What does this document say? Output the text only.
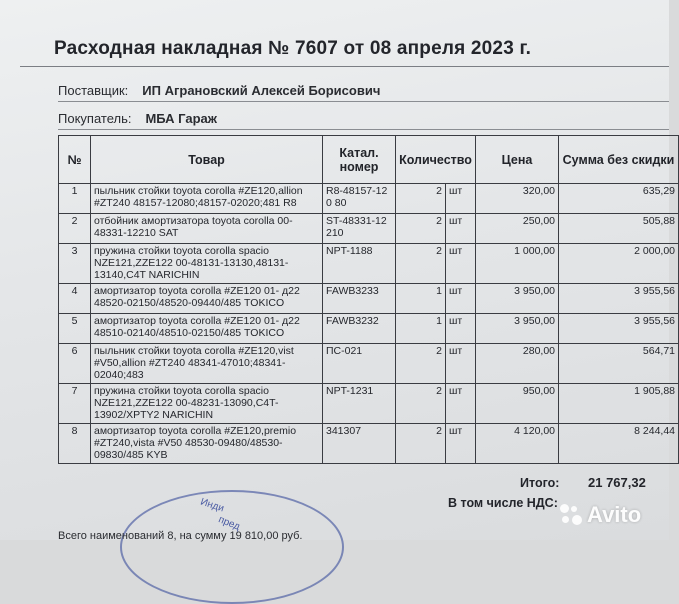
Расходная накладная № 7607 от 08 апреля 2023 г.
Поставщик: ИП Аграновский Алексей Борисович
Покупатель: МБА Гараж
№	Товар	Катал. номер	Количество		Цена	Сумма без скидки
1	пыльник стойки toyota corolla #ZE120,allion #ZT240 48157-12080;48157-02020;481 R8	R8-48157-120 80	2	шт	320,00	635,29
2	отбойник амортизатора toyota corolla 00-48331-12210 SAT	ST-48331-12 210	2	шт	250,00	505,88
3	пружина стойки toyota corolla spacio NZE121,ZZE122 00-48131-13130,48131-13140,C4T NARICHIN	NPT-1188	2	шт	1 000,00	2 000,00
4	амортизатор toyota corolla #ZE120 01- д22 48520-02150/48520-09440/485 TOKICO	FAWB3233	1	шт	3 950,00	3 955,56
5	амортизатор toyota corolla #ZE120 01- д22 48510-02140/48510-02150/485 TOKICO	FAWB3232	1	шт	3 950,00	3 955,56
6	пыльник стойки toyota corolla #ZE120,vist #V50,allion #ZT240 48341-47010;48341-02040;483	ПС-021	2	шт	280,00	564,71
7	пружина стойки toyota corolla spacio NZE121,ZZE122 00-48231-13090,C4T-13902/XPTY2 NARICHIN	NPT-1231	2	шт	950,00	1 905,88
8	амортизатор toyota corolla #ZE120,premio #ZT240,vista #V50 48530-09480/48530-09830/485 KYB	341307	2	шт	4 120,00	8 244,44
Итого: 21 767,32
В том числе НДС:
Инди
пред
Всего наименований 8, на сумму 19 810,00 руб.
Avito
